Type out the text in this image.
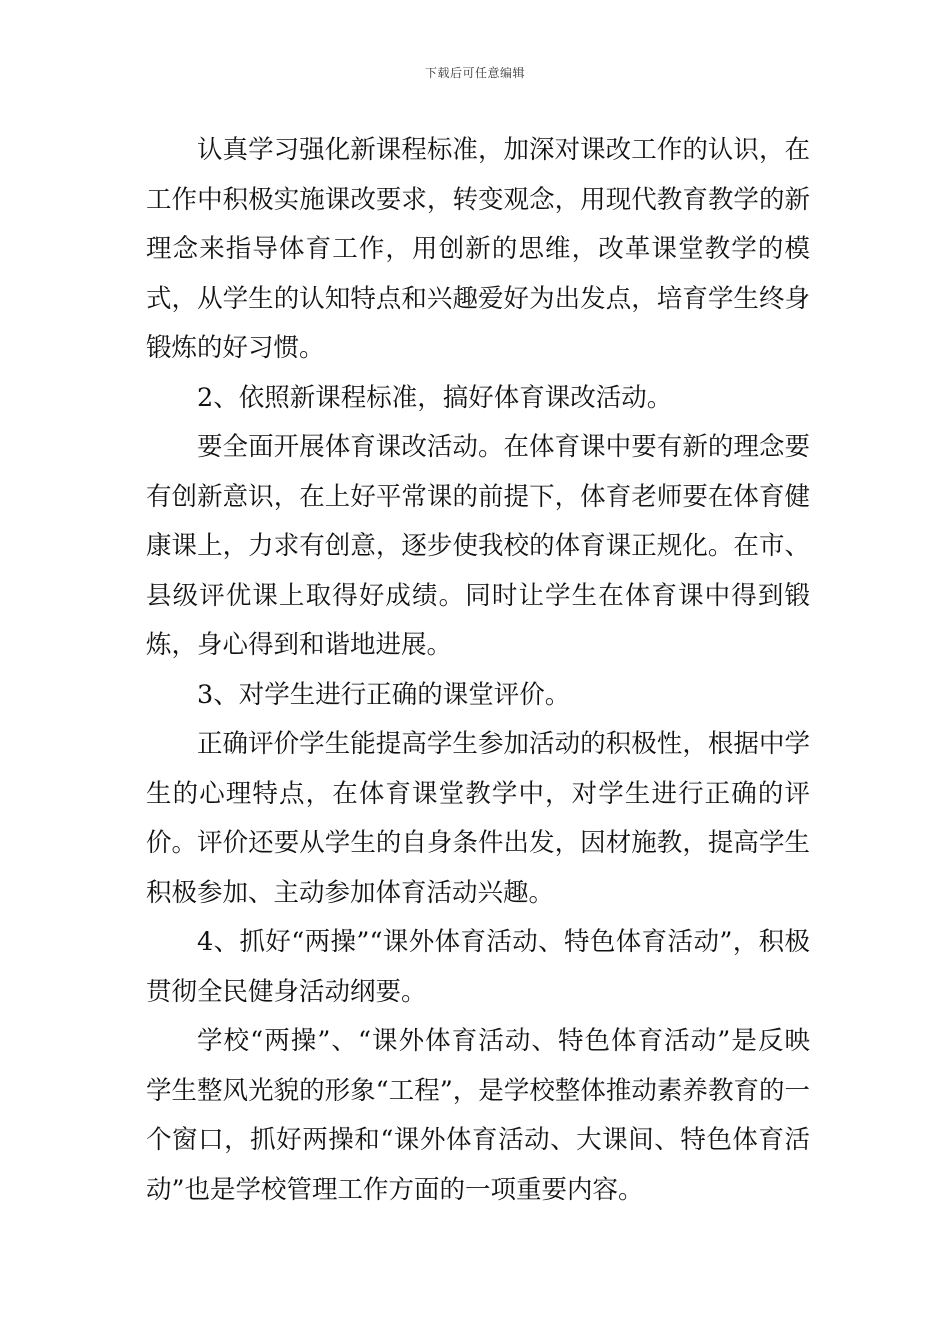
下载后可任意编辑

认真学习强化新课程标准，加深对课改工作的认识，在工作中积极实施课改要求，转变观念，用现代教育教学的新理念来指导体育工作，用创新的思维，改革课堂教学的模式，从学生的认知特点和兴趣爱好为出发点，培育学生终身锻炼的好习惯。

2、依照新课程标准，搞好体育课改活动。

要全面开展体育课改活动。在体育课中要有新的理念要有创新意识，在上好平常课的前提下，体育老师要在体育健康课上，力求有创意，逐步使我校的体育课正规化。在市、县级评优课上取得好成绩。同时让学生在体育课中得到锻炼，身心得到和谐地进展。

3、对学生进行正确的课堂评价。

正确评价学生能提高学生参加活动的积极性，根据中学生的心理特点，在体育课堂教学中，对学生进行正确的评价。评价还要从学生的自身条件出发，因材施教，提高学生积极参加、主动参加体育活动兴趣。

4、抓好“两操”“课外体育活动、特色体育活动”，积极贯彻全民健身活动纲要。

学校“两操”、“课外体育活动、特色体育活动”是反映学生整风光貌的形象“工程”，是学校整体推动素养教育的一个窗口，抓好两操和“课外体育活动、大课间、特色体育活动”也是学校管理工作方面的一项重要内容。
